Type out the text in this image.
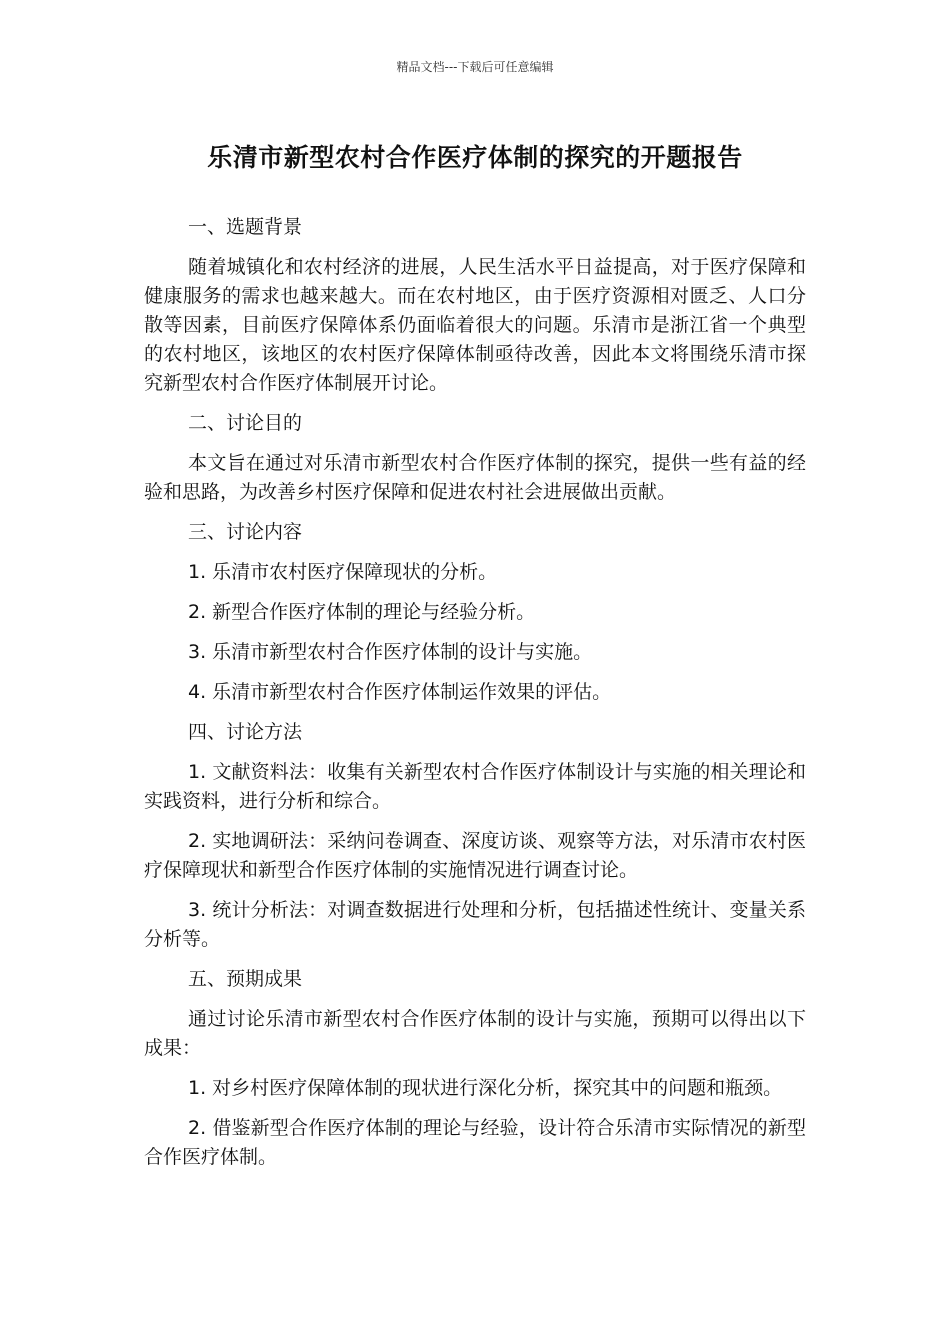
精品文档---下载后可任意编辑
乐清市新型农村合作医疗体制的探究的开题报告

一、选题背景

随着城镇化和农村经济的进展，人民生活水平日益提高，对于医疗保障和健康服务的需求也越来越大。而在农村地区，由于医疗资源相对匮乏、人口分散等因素，目前医疗保障体系仍面临着很大的问题。乐清市是浙江省一个典型的农村地区，该地区的农村医疗保障体制亟待改善，因此本文将围绕乐清市探究新型农村合作医疗体制展开讨论。

二、讨论目的

本文旨在通过对乐清市新型农村合作医疗体制的探究，提供一些有益的经验和思路，为改善乡村医疗保障和促进农村社会进展做出贡献。

三、讨论内容

1. 乐清市农村医疗保障现状的分析。

2. 新型合作医疗体制的理论与经验分析。

3. 乐清市新型农村合作医疗体制的设计与实施。

4. 乐清市新型农村合作医疗体制运作效果的评估。

四、讨论方法

1. 文献资料法：收集有关新型农村合作医疗体制设计与实施的相关理论和实践资料，进行分析和综合。

2. 实地调研法：采纳问卷调查、深度访谈、观察等方法，对乐清市农村医疗保障现状和新型合作医疗体制的实施情况进行调查讨论。

3. 统计分析法：对调查数据进行处理和分析，包括描述性统计、变量关系分析等。

五、预期成果

通过讨论乐清市新型农村合作医疗体制的设计与实施，预期可以得出以下成果：

1. 对乡村医疗保障体制的现状进行深化分析，探究其中的问题和瓶颈。

2. 借鉴新型合作医疗体制的理论与经验，设计符合乐清市实际情况的新型合作医疗体制。
